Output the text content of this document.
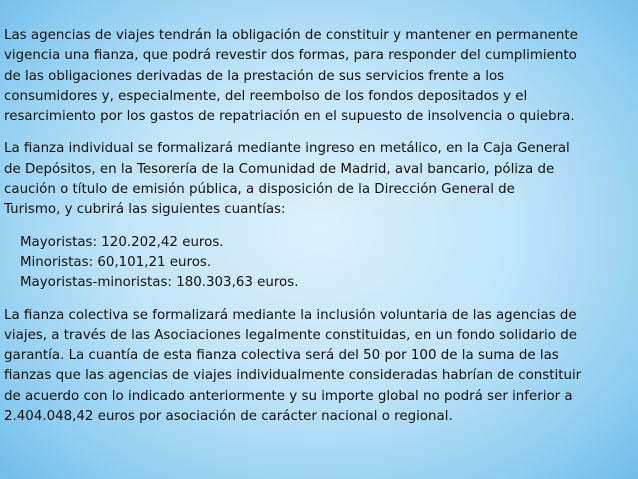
Las agencias de viajes tendrán la obligación de constituir y mantener en permanente
vigencia una fianza, que podrá revestir dos formas, para responder del cumplimiento
de las obligaciones derivadas de la prestación de sus servicios frente a los
consumidores y, especialmente, del reembolso de los fondos depositados y el
resarcimiento por los gastos de repatriación en el supuesto de insolvencia o quiebra.
La fianza individual se formalizará mediante ingreso en metálico, en la Caja General
de Depósitos, en la Tesorería de la Comunidad de Madrid, aval bancario, póliza de
caución o título de emisión pública, a disposición de la Dirección General de
Turismo, y cubrirá las siguientes cuantías:
Mayoristas: 120.202,42 euros.
Minoristas: 60,101,21 euros.
Mayoristas-minoristas: 180.303,63 euros.
La fianza colectiva se formalizará mediante la inclusión voluntaria de las agencias de
viajes, a través de las Asociaciones legalmente constituidas, en un fondo solidario de
garantía. La cuantía de esta fianza colectiva será del 50 por 100 de la suma de las
fianzas que las agencias de viajes individualmente consideradas habrían de constituir
de acuerdo con lo indicado anteriormente y su importe global no podrá ser inferior a
2.404.048,42 euros por asociación de carácter nacional o regional.
